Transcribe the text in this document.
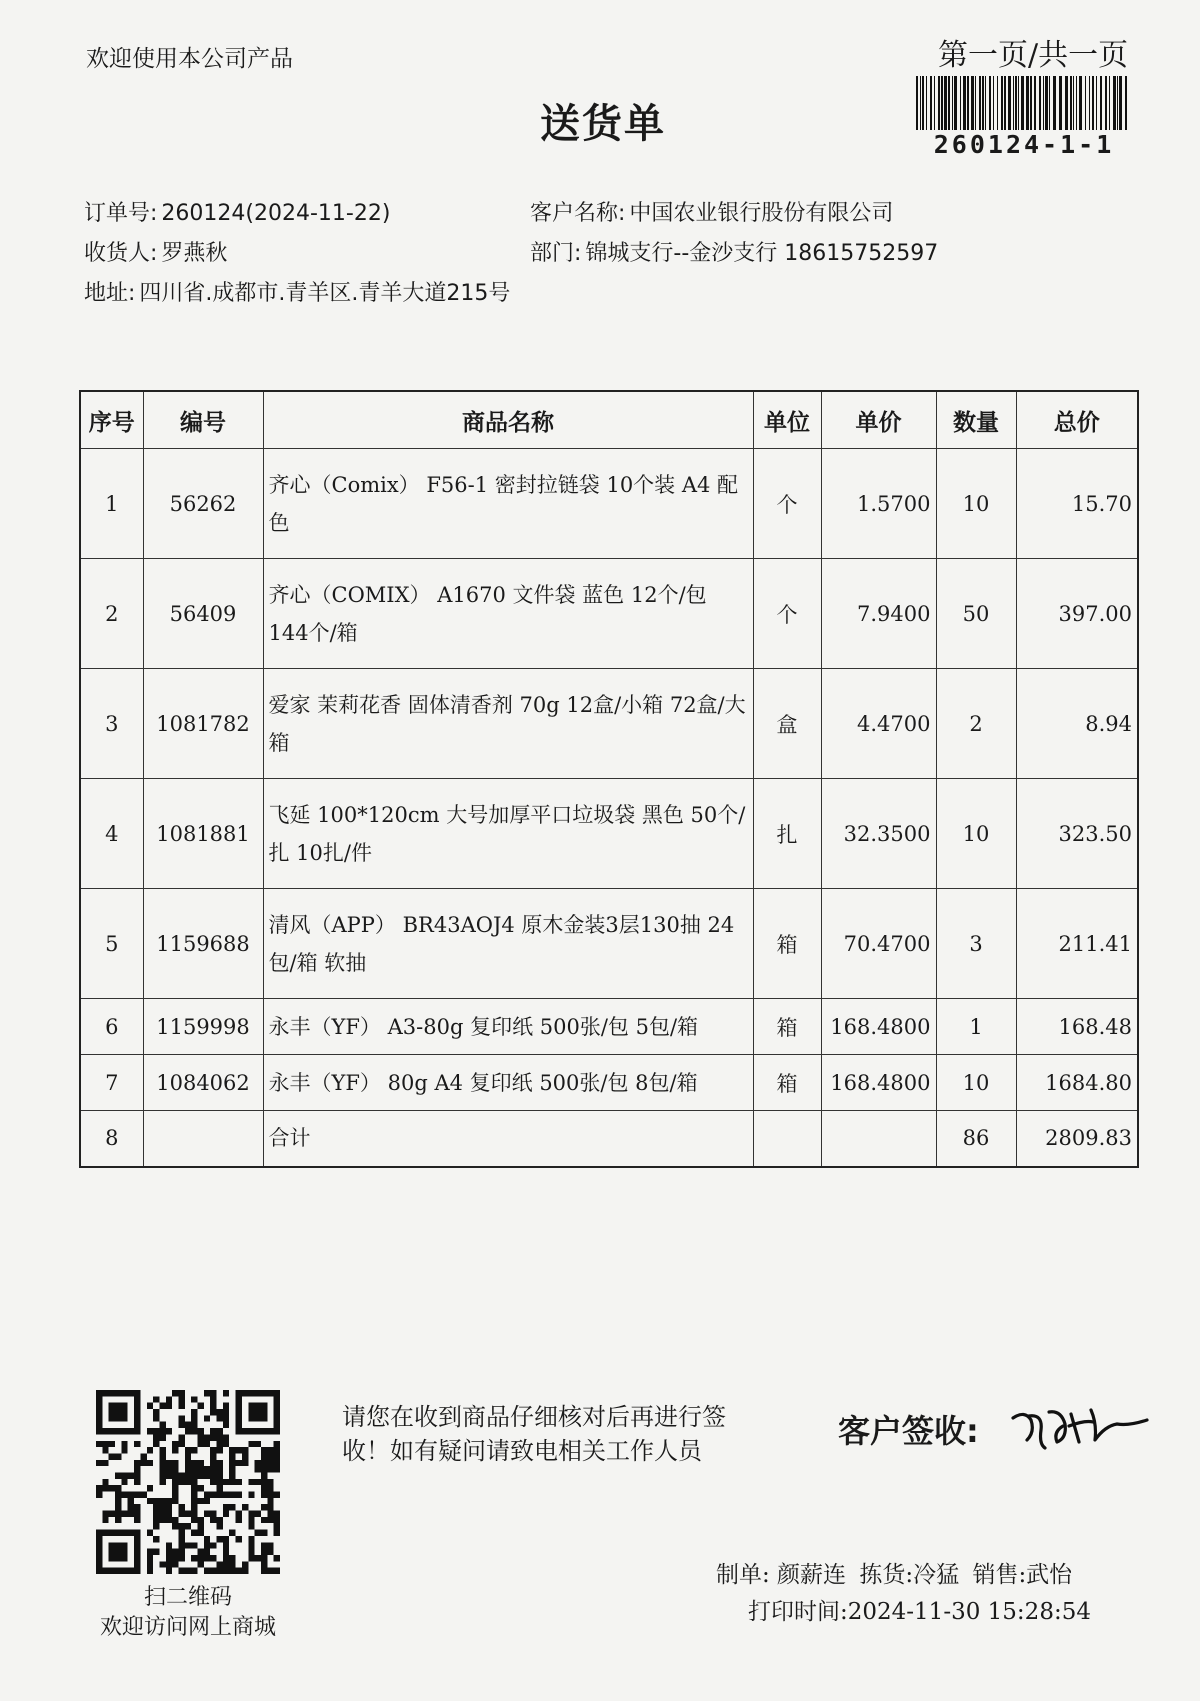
欢迎使用本公司产品	第一页/共一页
送货单	260124-1-1
订单号: 260124(2024-11-22)
收货人: 罗燕秋
地址: 四川省.成都市.青羊区.青羊大道215号
客户名称: 中国农业银行股份有限公司
部门: 锦城支行--金沙支行 18615752597
序号	编号	商品名称	单位	单价	数量	总价
1	56262	齐心（Comix） F56-1 密封拉链袋 10个装 A4 配色	个	1.5700	10	15.70
2	56409	齐心（COMIX） A1670 文件袋 蓝色 12个/包 144个/箱	个	7.9400	50	397.00
3	1081782	爱家 茉莉花香 固体清香剂 70g 12盒/小箱 72盒/大箱	盒	4.4700	2	8.94
4	1081881	飞延 100*120cm 大号加厚平口垃圾袋 黑色 50个/扎 10扎/件	扎	32.3500	10	323.50
5	1159688	清风（APP） BR43AOJ4 原木金装3层130抽 24包/箱 软抽	箱	70.4700	3	211.41
6	1159998	永丰（YF） A3-80g 复印纸 500张/包 5包/箱	箱	168.4800	1	168.48
7	1084062	永丰（YF） 80g A4 复印纸 500张/包 8包/箱	箱	168.4800	10	1684.80
8		合计			86	2809.83
扫二维码
欢迎访问网上商城
请您在收到商品仔细核对后再进行签收！如有疑问请致电相关工作人员
客户签收:
制单: 颜薪连 拣货:冷猛 销售:武怡
打印时间:2024-11-30 15:28:54
